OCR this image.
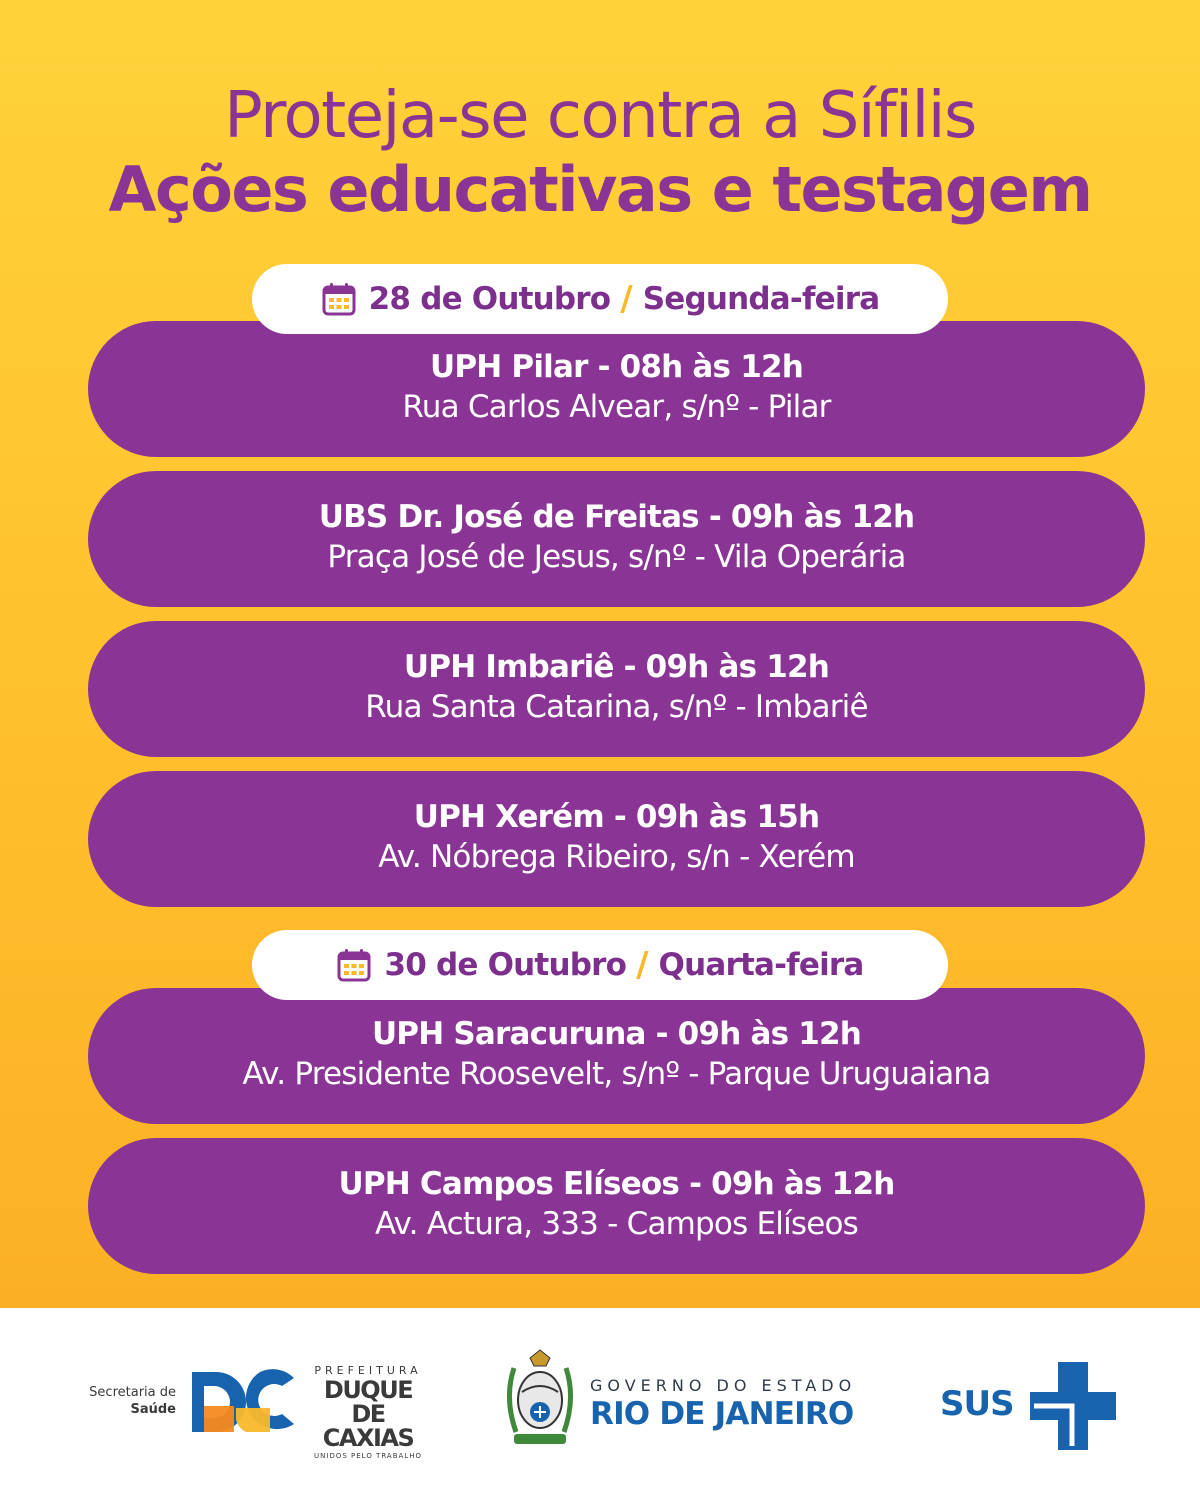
Proteja-se contra a Sífilis
Ações educativas e testagem
28 de Outubro / Segunda-feira
UPH Pilar - 08h às 12h
Rua Carlos Alvear, s/nº - Pilar
UBS Dr. José de Freitas - 09h às 12h
Praça José de Jesus, s/nº - Vila Operária
UPH Imbariê - 09h às 12h
Rua Santa Catarina, s/nº - Imbariê
UPH Xerém - 09h às 15h
Av. Nóbrega Ribeiro, s/n - Xerém
30 de Outubro / Quarta-feira
UPH Saracuruna - 09h às 12h
Av. Presidente Roosevelt, s/nº - Parque Uruguaiana
UPH Campos Elíseos - 09h às 12h
Av. Actura, 333 - Campos Elíseos
Secretaria de
Saúde
PREFEITURA
DUQUE DE
CAXIAS
UNIDOS PELO TRABALHO
GOVERNO DO ESTADO
RIO DE JANEIRO	SUS
